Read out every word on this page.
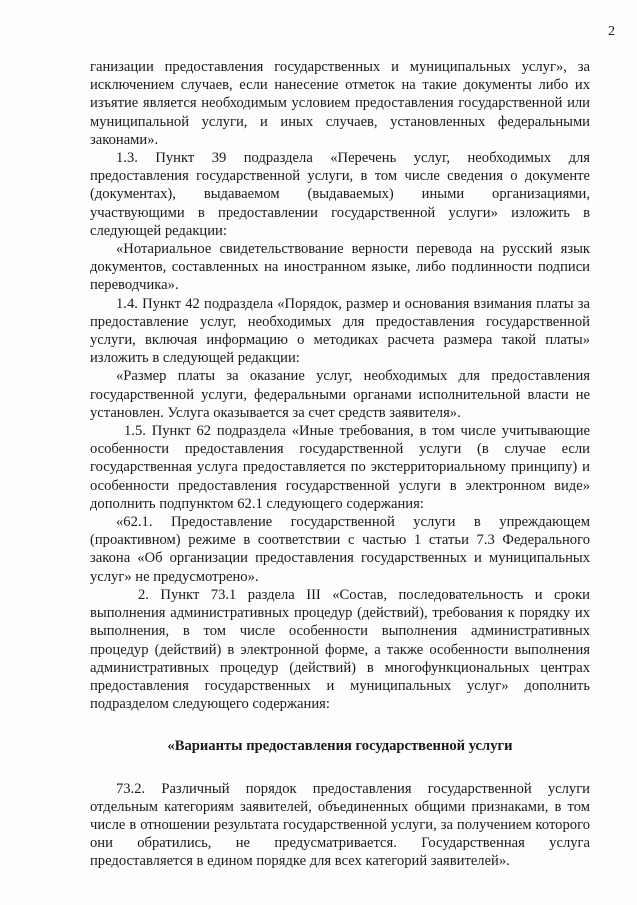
2

ганизации предоставления государственных и муниципальных услуг», за исключением случаев, если нанесение отметок на такие документы либо их изъятие является необходимым условием предоставления государственной или муниципальной услуги, и иных случаев, установленных федеральными законами».

1.3. Пункт 39 подраздела «Перечень услуг, необходимых для предоставления государственной услуги, в том числе сведения о документе (документах), выдаваемом (выдаваемых) иными организациями, участвующими в предоставлении государственной услуги» изложить в следующей редакции:

«Нотариальное свидетельствование верности перевода на русский язык документов, составленных на иностранном языке, либо подлинности подписи переводчика».

1.4. Пункт 42 подраздела «Порядок, размер и основания взимания платы за предоставление услуг, необходимых для предоставления государственной услуги, включая информацию о методиках расчета размера такой платы» изложить в следующей редакции:

«Размер платы за оказание услуг, необходимых для предоставления государственной услуги, федеральными органами исполнительной власти не установлен. Услуга оказывается за счет средств заявителя».

1.5. Пункт 62 подраздела «Иные требования, в том числе учитывающие особенности предоставления государственной услуги (в случае если государственная услуга предоставляется по экстерриториальному принципу) и особенности предоставления государственной услуги в электронном виде» дополнить подпунктом 62.1 следующего содержания:

«62.1. Предоставление государственной услуги в упреждающем (проактивном) режиме в соответствии с частью 1 статьи 7.3 Федерального закона «Об организации предоставления государственных и муниципальных услуг» не предусмотрено».

2. Пункт 73.1 раздела III «Состав, последовательность и сроки выполнения административных процедур (действий), требования к порядку их выполнения, в том числе особенности выполнения административных процедур (действий) в электронной форме, а также особенности выполнения административных процедур (действий) в многофункциональных центрах предоставления государственных и муниципальных услуг» дополнить подразделом следующего содержания:

«Варианты предоставления государственной услуги

73.2. Различный порядок предоставления государственной услуги отдельным категориям заявителей, объединенных общими признаками, в том числе в отношении результата государственной услуги, за получением которого они обратились, не предусматривается. Государственная услуга предоставляется в едином порядке для всех категорий заявителей».
